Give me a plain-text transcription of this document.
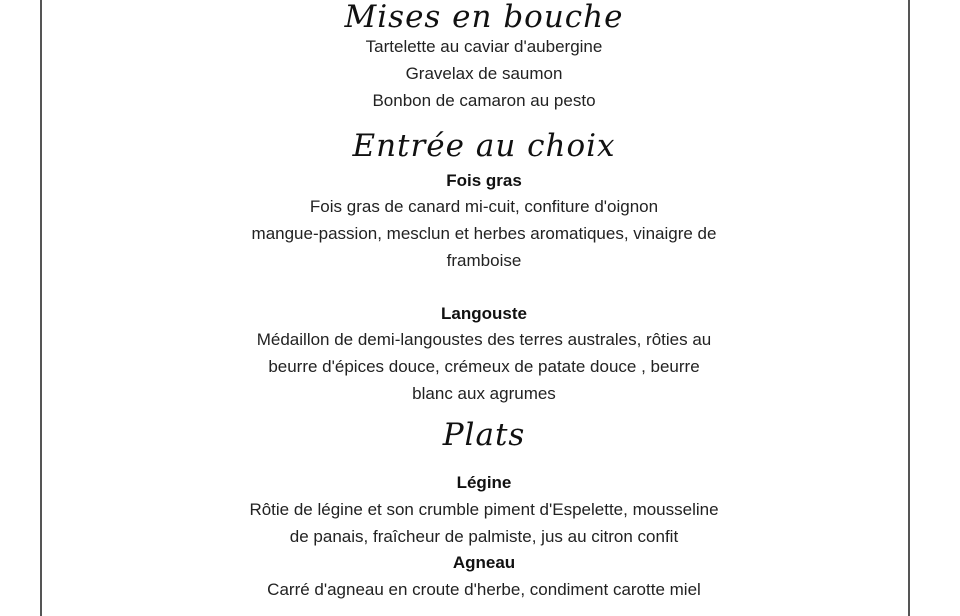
Mises en bouche
Tartelette au caviar d'aubergine
Gravelax de saumon
Bonbon de camaron au pesto
Entrée au choix
Fois gras
Fois gras de canard mi-cuit, confiture d'oignon
mangue-passion, mesclun et herbes aromatiques, vinaigre de
framboise
Langouste
Médaillon de demi-langoustes des terres australes, rôties au
beurre d'épices douce, crémeux de patate douce , beurre
blanc aux agrumes
Plats
Légine
Rôtie de légine et son crumble piment d'Espelette, mousseline
de panais, fraîcheur de palmiste, jus au citron confit
Agneau
Carré d'agneau en croute d'herbe, condiment carotte miel
